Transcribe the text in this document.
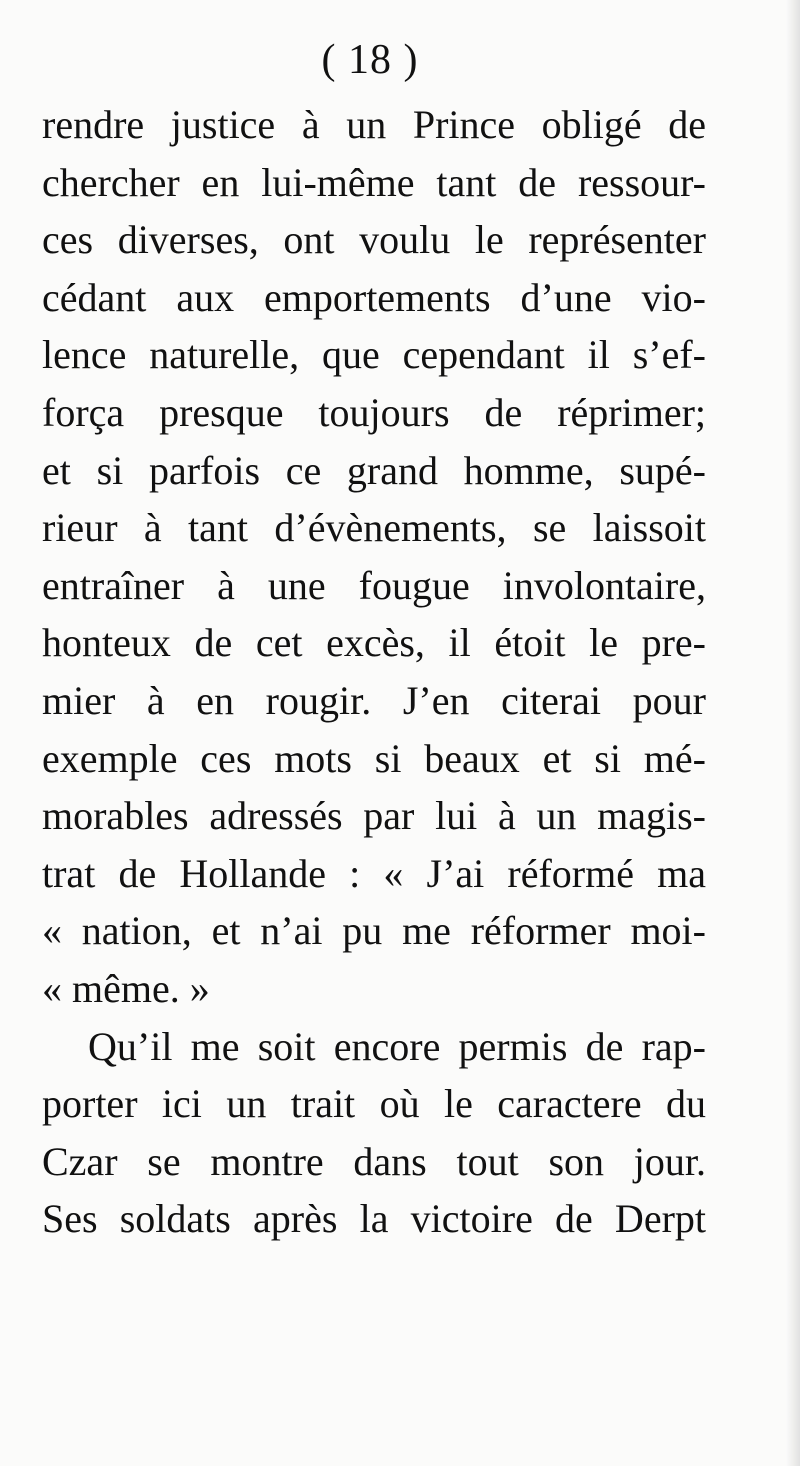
( 18 )
rendre justice à un Prince obligé de
chercher en lui-même tant de ressour-
ces diverses, ont voulu le représenter
cédant aux emportements d’une vio-
lence naturelle, que cependant il s’ef-
força presque toujours de réprimer;
et si parfois ce grand homme, supé-
rieur à tant d’évènements, se laissoit
entraîner à une fougue involontaire,
honteux de cet excès, il étoit le pre-
mier à en rougir. J’en citerai pour
exemple ces mots si beaux et si mé-
morables adressés par lui à un magis-
trat de Hollande : « J’ai réformé ma
« nation, et n’ai pu me réformer moi-
« même. »
Qu’il me soit encore permis de rap-
porter ici un trait où le caractere du
Czar se montre dans tout son jour.
Ses soldats après la victoire de Derpt
